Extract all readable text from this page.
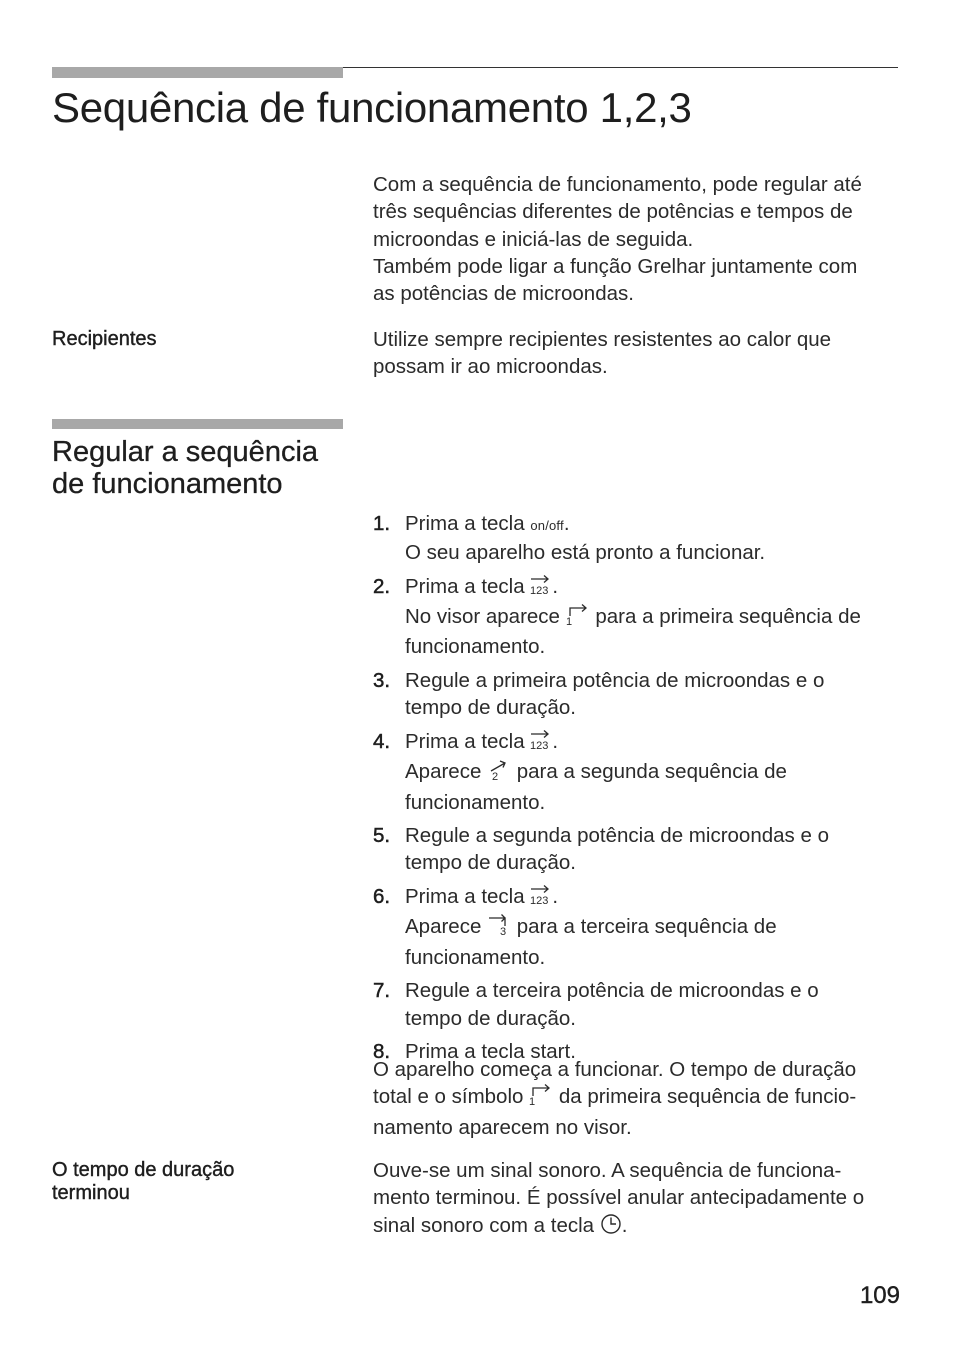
Sequência de funcionamento 1,2,3

Com a sequência de funcionamento, pode regular até

três sequências diferentes de potências e tempos de

microondas e iniciá-las de seguida.

Também pode ligar a função Grelhar juntamente com

as potências de microondas.

Recipientes	Utilize sempre recipientes resistentes ao calor que

possam ir ao microondas.

Regular a sequência de funcionamento
1. Prima a tecla on/off.
O seu aparelho está pronto a funcionar.
2. Prima a tecla 123 .
No visor aparece 1 para a primeira sequência de
funcionamento.
3. Regule a primeira potência de microondas e o
tempo de duração.
4. Prima a tecla 123 .
Aparece 2 para a segunda sequência de
funcionamento.
5. Regule a segunda potência de microondas e o
tempo de duração.
6. Prima a tecla 123 .
Aparece 3 para a terceira sequência de
funcionamento.
7. Regule a terceira potência de microondas e o
tempo de duração.
8. Prima a tecla start.

O aparelho começa a funcionar. O tempo de duração

total e o símbolo 1 da primeira sequência de funcio-

namento aparecem no visor.

O tempo de duração
terminou

Ouve-se um sinal sonoro. A sequência de funciona-

mento terminou. É possível anular antecipadamente o

sinal sonoro com a tecla .

109
